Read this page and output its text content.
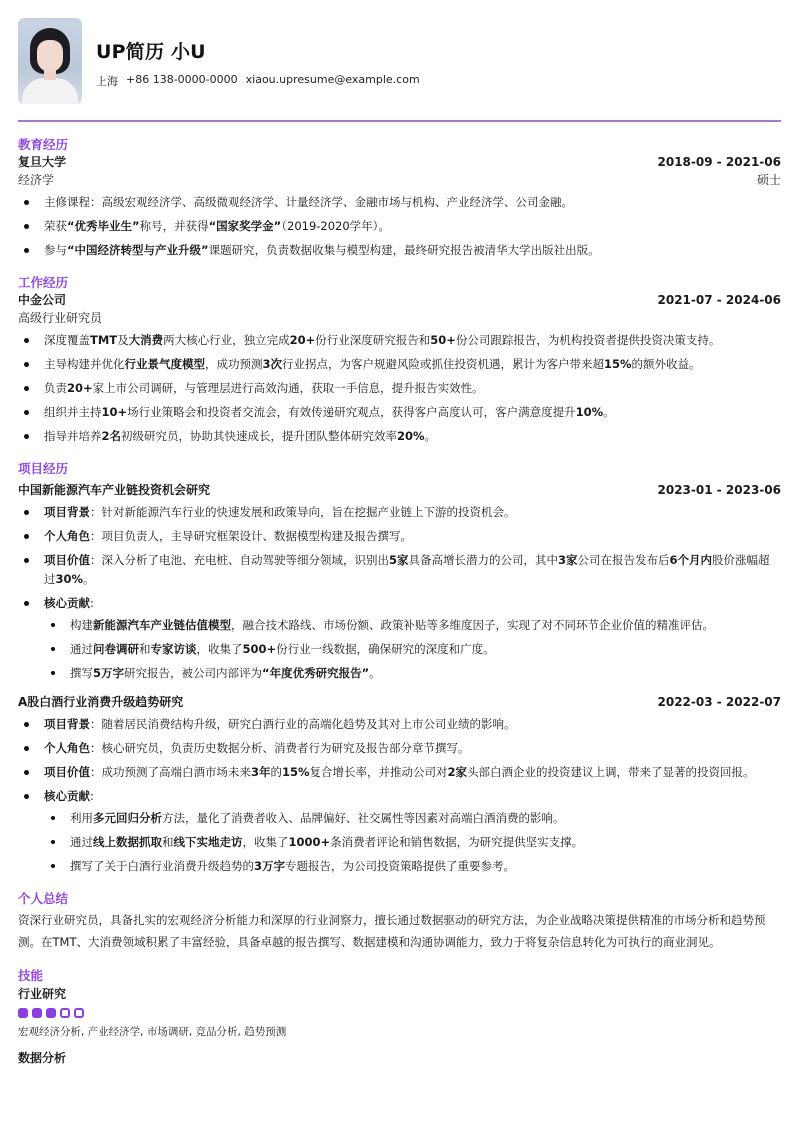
UP简历 小U
上海 +86 138-0000-0000 xiaou.upresume@example.com
教育经历
复旦大学	2018-09 - 2021-06
经济学	硕士
主修课程：高级宏观经济学、高级微观经济学、计量经济学、金融市场与机构、产业经济学、公司金融。
荣获“优秀毕业生”称号，并获得“国家奖学金”（2019-2020学年）。
参与“中国经济转型与产业升级”课题研究，负责数据收集与模型构建，最终研究报告被清华大学出版社出版。
工作经历
中金公司	2021-07 - 2024-06
高级行业研究员
深度覆盖TMT及大消费两大核心行业，独立完成20+份行业深度研究报告和50+份公司跟踪报告，为机构投资者提供投资决策支持。
主导构建并优化行业景气度模型，成功预测3次行业拐点，为客户规避风险或抓住投资机遇，累计为客户带来超15%的额外收益。
负责20+家上市公司调研，与管理层进行高效沟通，获取一手信息，提升报告实效性。
组织并主持10+场行业策略会和投资者交流会，有效传递研究观点，获得客户高度认可，客户满意度提升10%。
指导并培养2名初级研究员，协助其快速成长，提升团队整体研究效率20%。
项目经历
中国新能源汽车产业链投资机会研究	2023-01 - 2023-06
项目背景：针对新能源汽车行业的快速发展和政策导向，旨在挖掘产业链上下游的投资机会。
个人角色：项目负责人，主导研究框架设计、数据模型构建及报告撰写。
项目价值：深入分析了电池、充电桩、自动驾驶等细分领域，识别出5家具备高增长潜力的公司，其中3家公司在报告发布后6个月内股价涨幅超过30%。
核心贡献:
构建新能源汽车产业链估值模型，融合技术路线、市场份额、政策补贴等多维度因子，实现了对不同环节企业价值的精准评估。
通过问卷调研和专家访谈，收集了500+份行业一线数据，确保研究的深度和广度。
撰写5万字研究报告，被公司内部评为“年度优秀研究报告”。
A股白酒行业消费升级趋势研究	2022-03 - 2022-07
项目背景：随着居民消费结构升级，研究白酒行业的高端化趋势及其对上市公司业绩的影响。
个人角色：核心研究员，负责历史数据分析、消费者行为研究及报告部分章节撰写。
项目价值：成功预测了高端白酒市场未来3年的15%复合增长率，并推动公司对2家头部白酒企业的投资建议上调，带来了显著的投资回报。
核心贡献:
利用多元回归分析方法，量化了消费者收入、品牌偏好、社交属性等因素对高端白酒消费的影响。
通过线上数据抓取和线下实地走访，收集了1000+条消费者评论和销售数据，为研究提供坚实支撑。
撰写了关于白酒行业消费升级趋势的3万字专题报告，为公司投资策略提供了重要参考。
个人总结
资深行业研究员，具备扎实的宏观经济分析能力和深厚的行业洞察力，擅长通过数据驱动的研究方法，为企业战略决策提供精准的市场分析和趋势预测。在TMT、大消费领域积累了丰富经验，具备卓越的报告撰写、数据建模和沟通协调能力，致力于将复杂信息转化为可执行的商业洞见。
技能
行业研究
宏观经济分析, 产业经济学, 市场调研, 竞品分析, 趋势预测
数据分析
